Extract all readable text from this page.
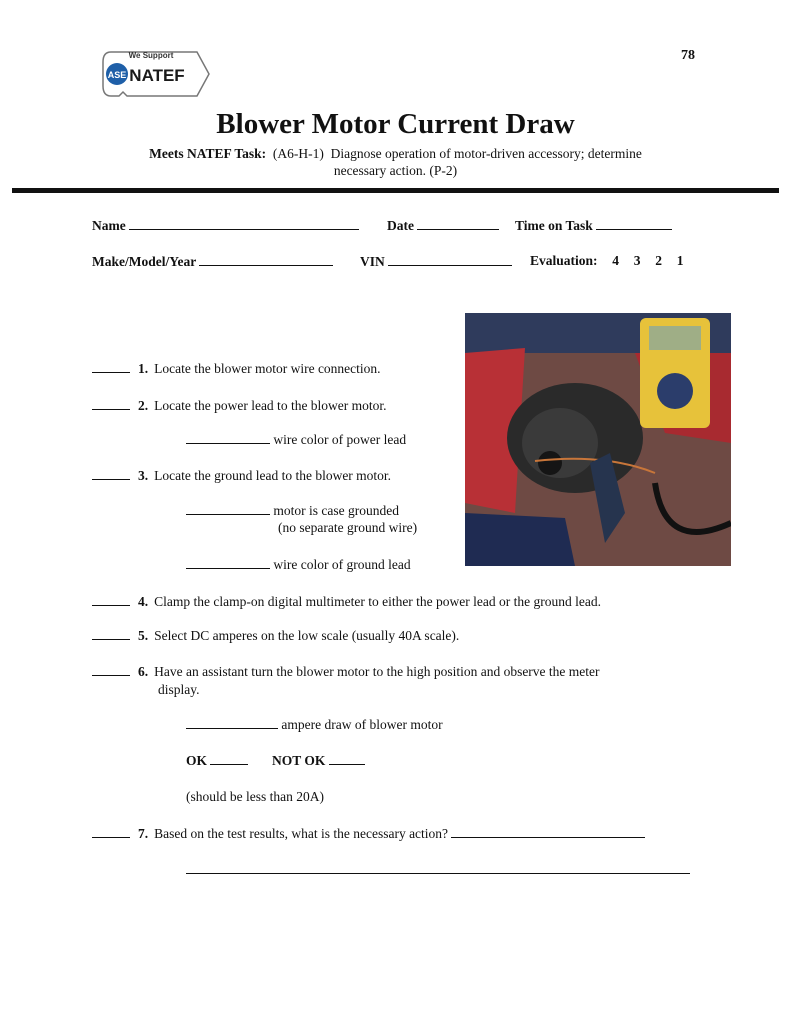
ASE
We Support
NATEF
78
Blower Motor Current Draw
Meets NATEF Task: (A6-H-1) Diagnose operation of motor-driven accessory; determine
necessary action. (P-2)
Name	Date	Time on Task
Make/Model/Year	VIN	Evaluation: 4 3 2 1
1. Locate the blower motor wire connection.
2. Locate the power lead to the blower motor.
wire color of power lead
3. Locate the ground lead to the blower motor.
motor is case grounded
(no separate ground wire)
wire color of ground lead
4. Clamp the clamp-on digital multimeter to either the power lead or the ground lead.
5. Select DC amperes on the low scale (usually 40A scale).
6. Have an assistant turn the blower motor to the high position and observe the meter
display.
ampere draw of blower motor
OK	NOT OK
(should be less than 20A)
7. Based on the test results, what is the necessary action?
